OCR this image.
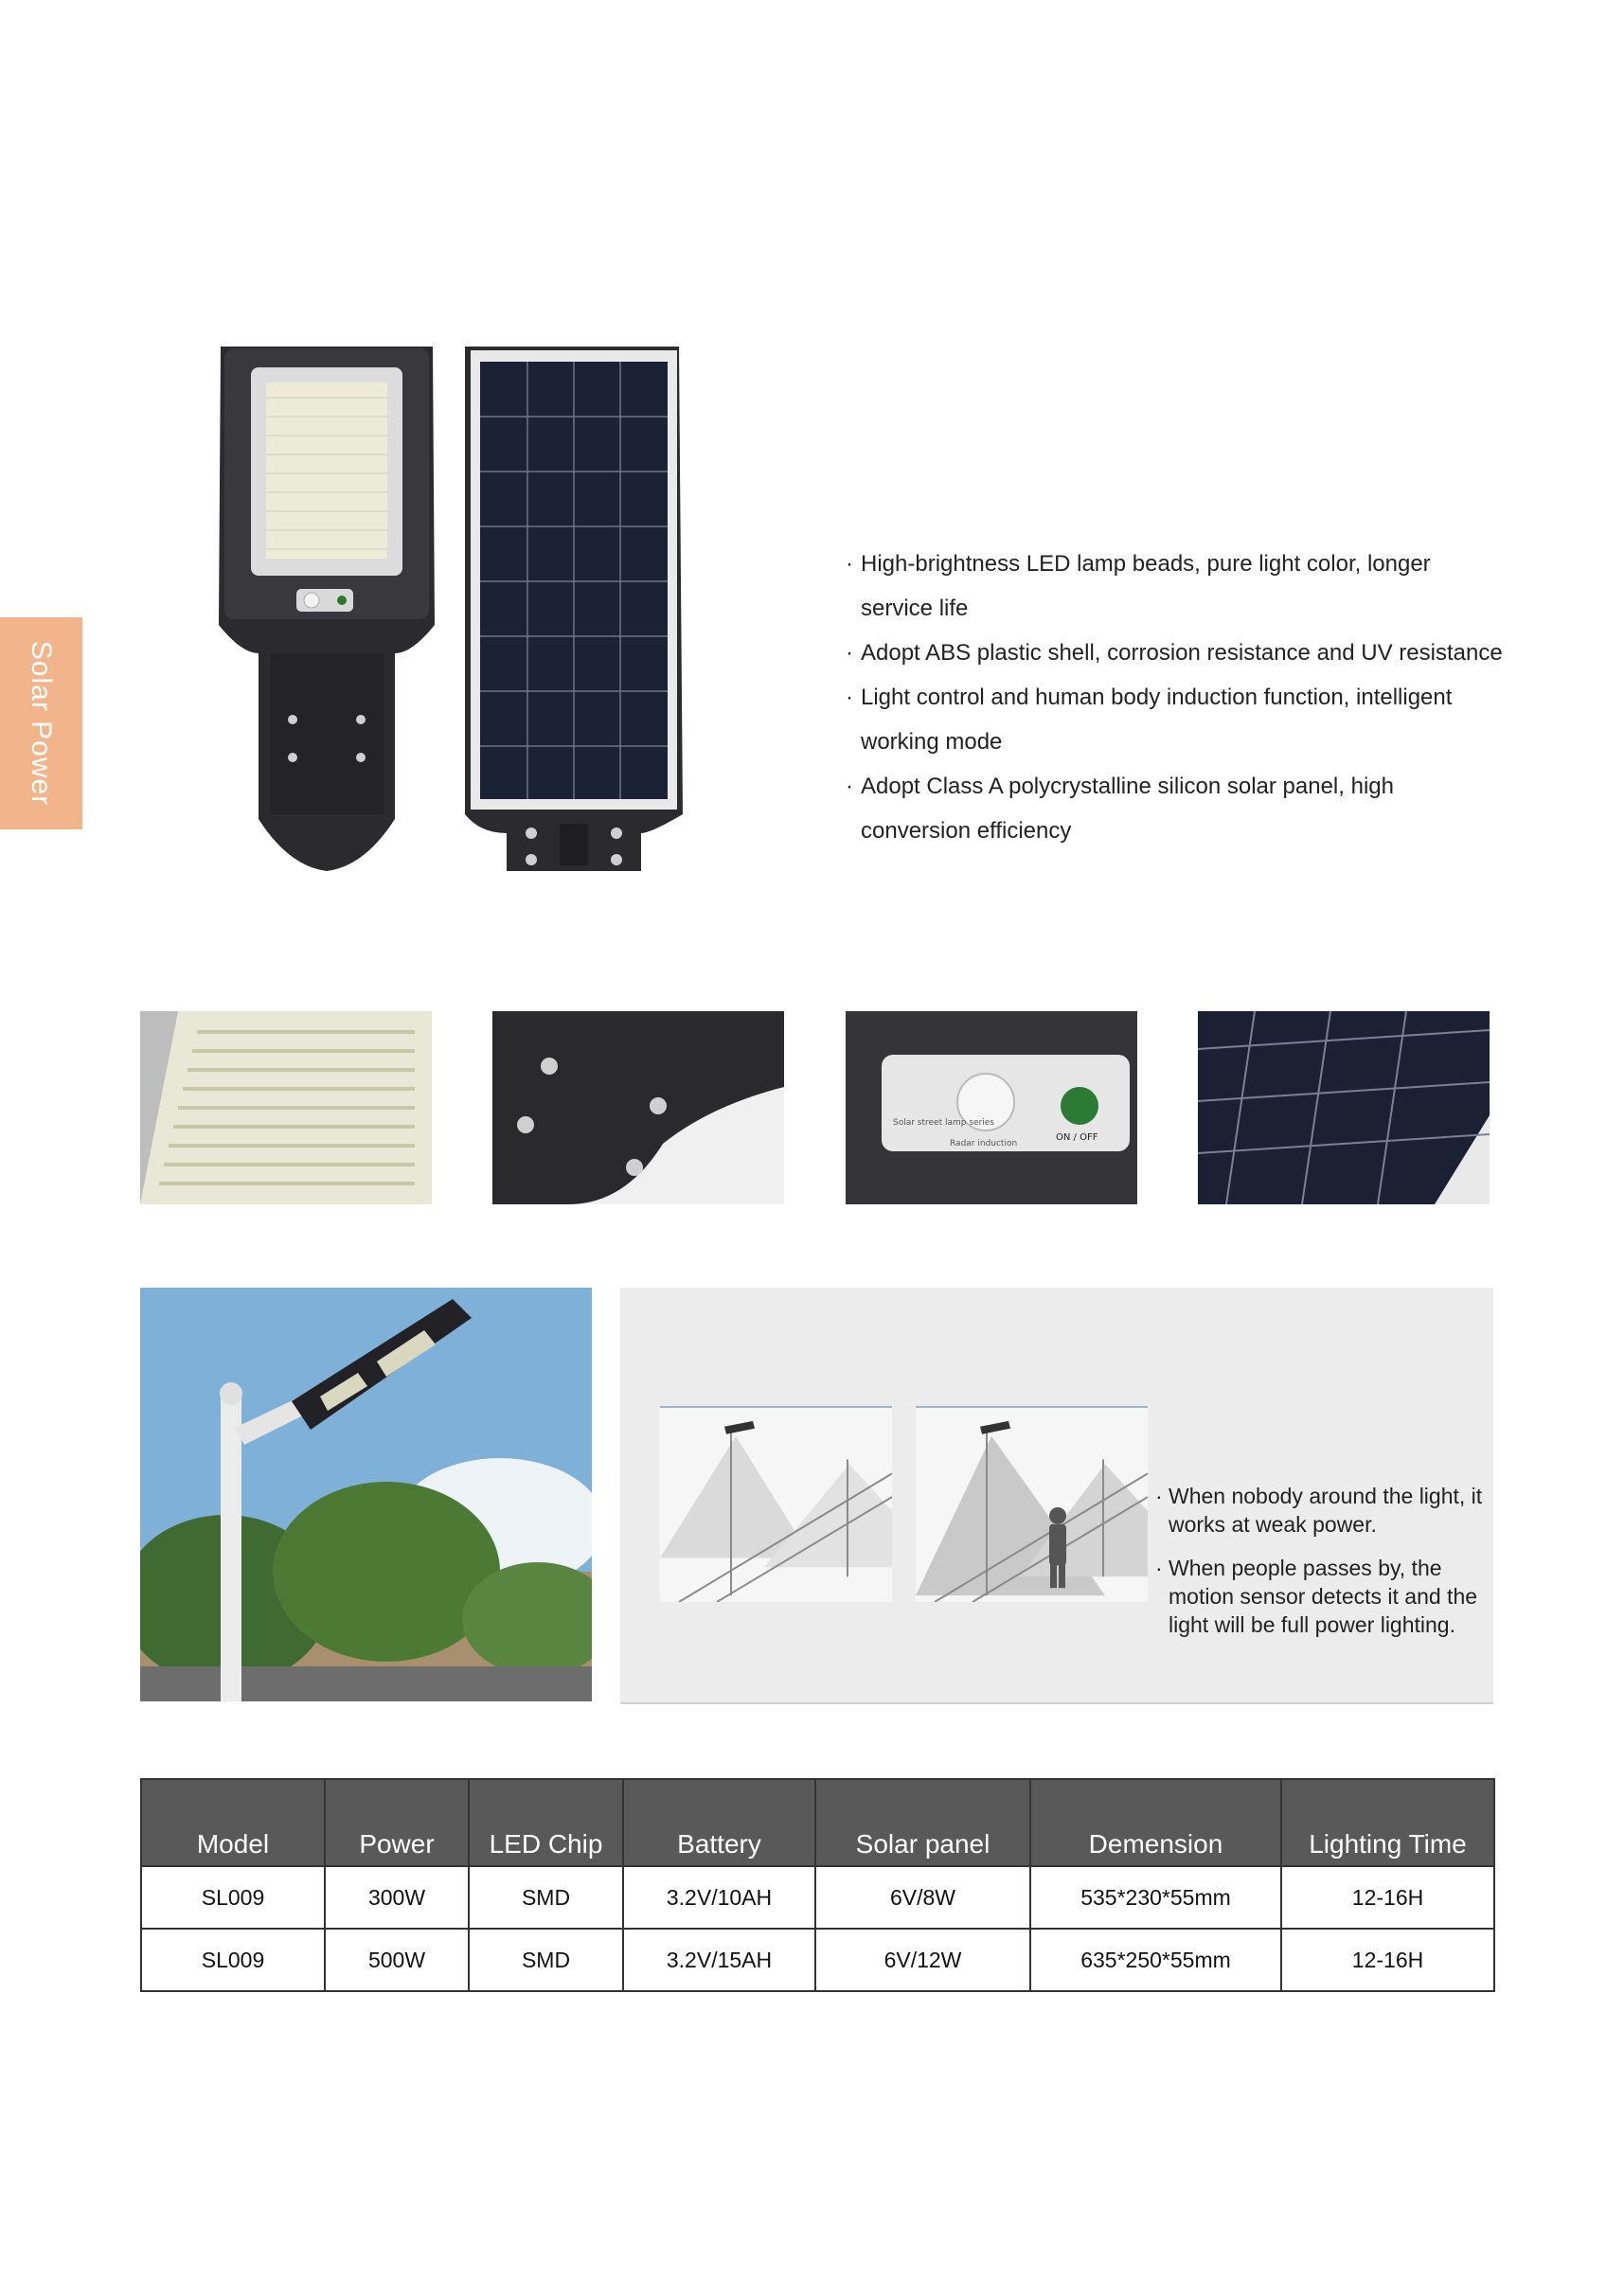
Solar Power
· High-brightness LED lamp beads, pure light color, longer service life
· Adopt ABS plastic shell, corrosion resistance and UV resistance
· Light control and human body induction function, intelligent working mode
· Adopt Class A polycrystalline silicon solar panel, high conversion efficiency
Solar street lamp series
Radar induction
ON / OFF
· When nobody around the light, it works at weak power.
· When people passes by, the motion sensor detects it and the light will be full power lighting.
Model	Power	LED Chip	Battery	Solar panel	Demension	Lighting Time
SL009	300W	SMD	3.2V/10AH	6V/8W	535*230*55mm	12-16H
SL009	500W	SMD	3.2V/15AH	6V/12W	635*250*55mm	12-16H
